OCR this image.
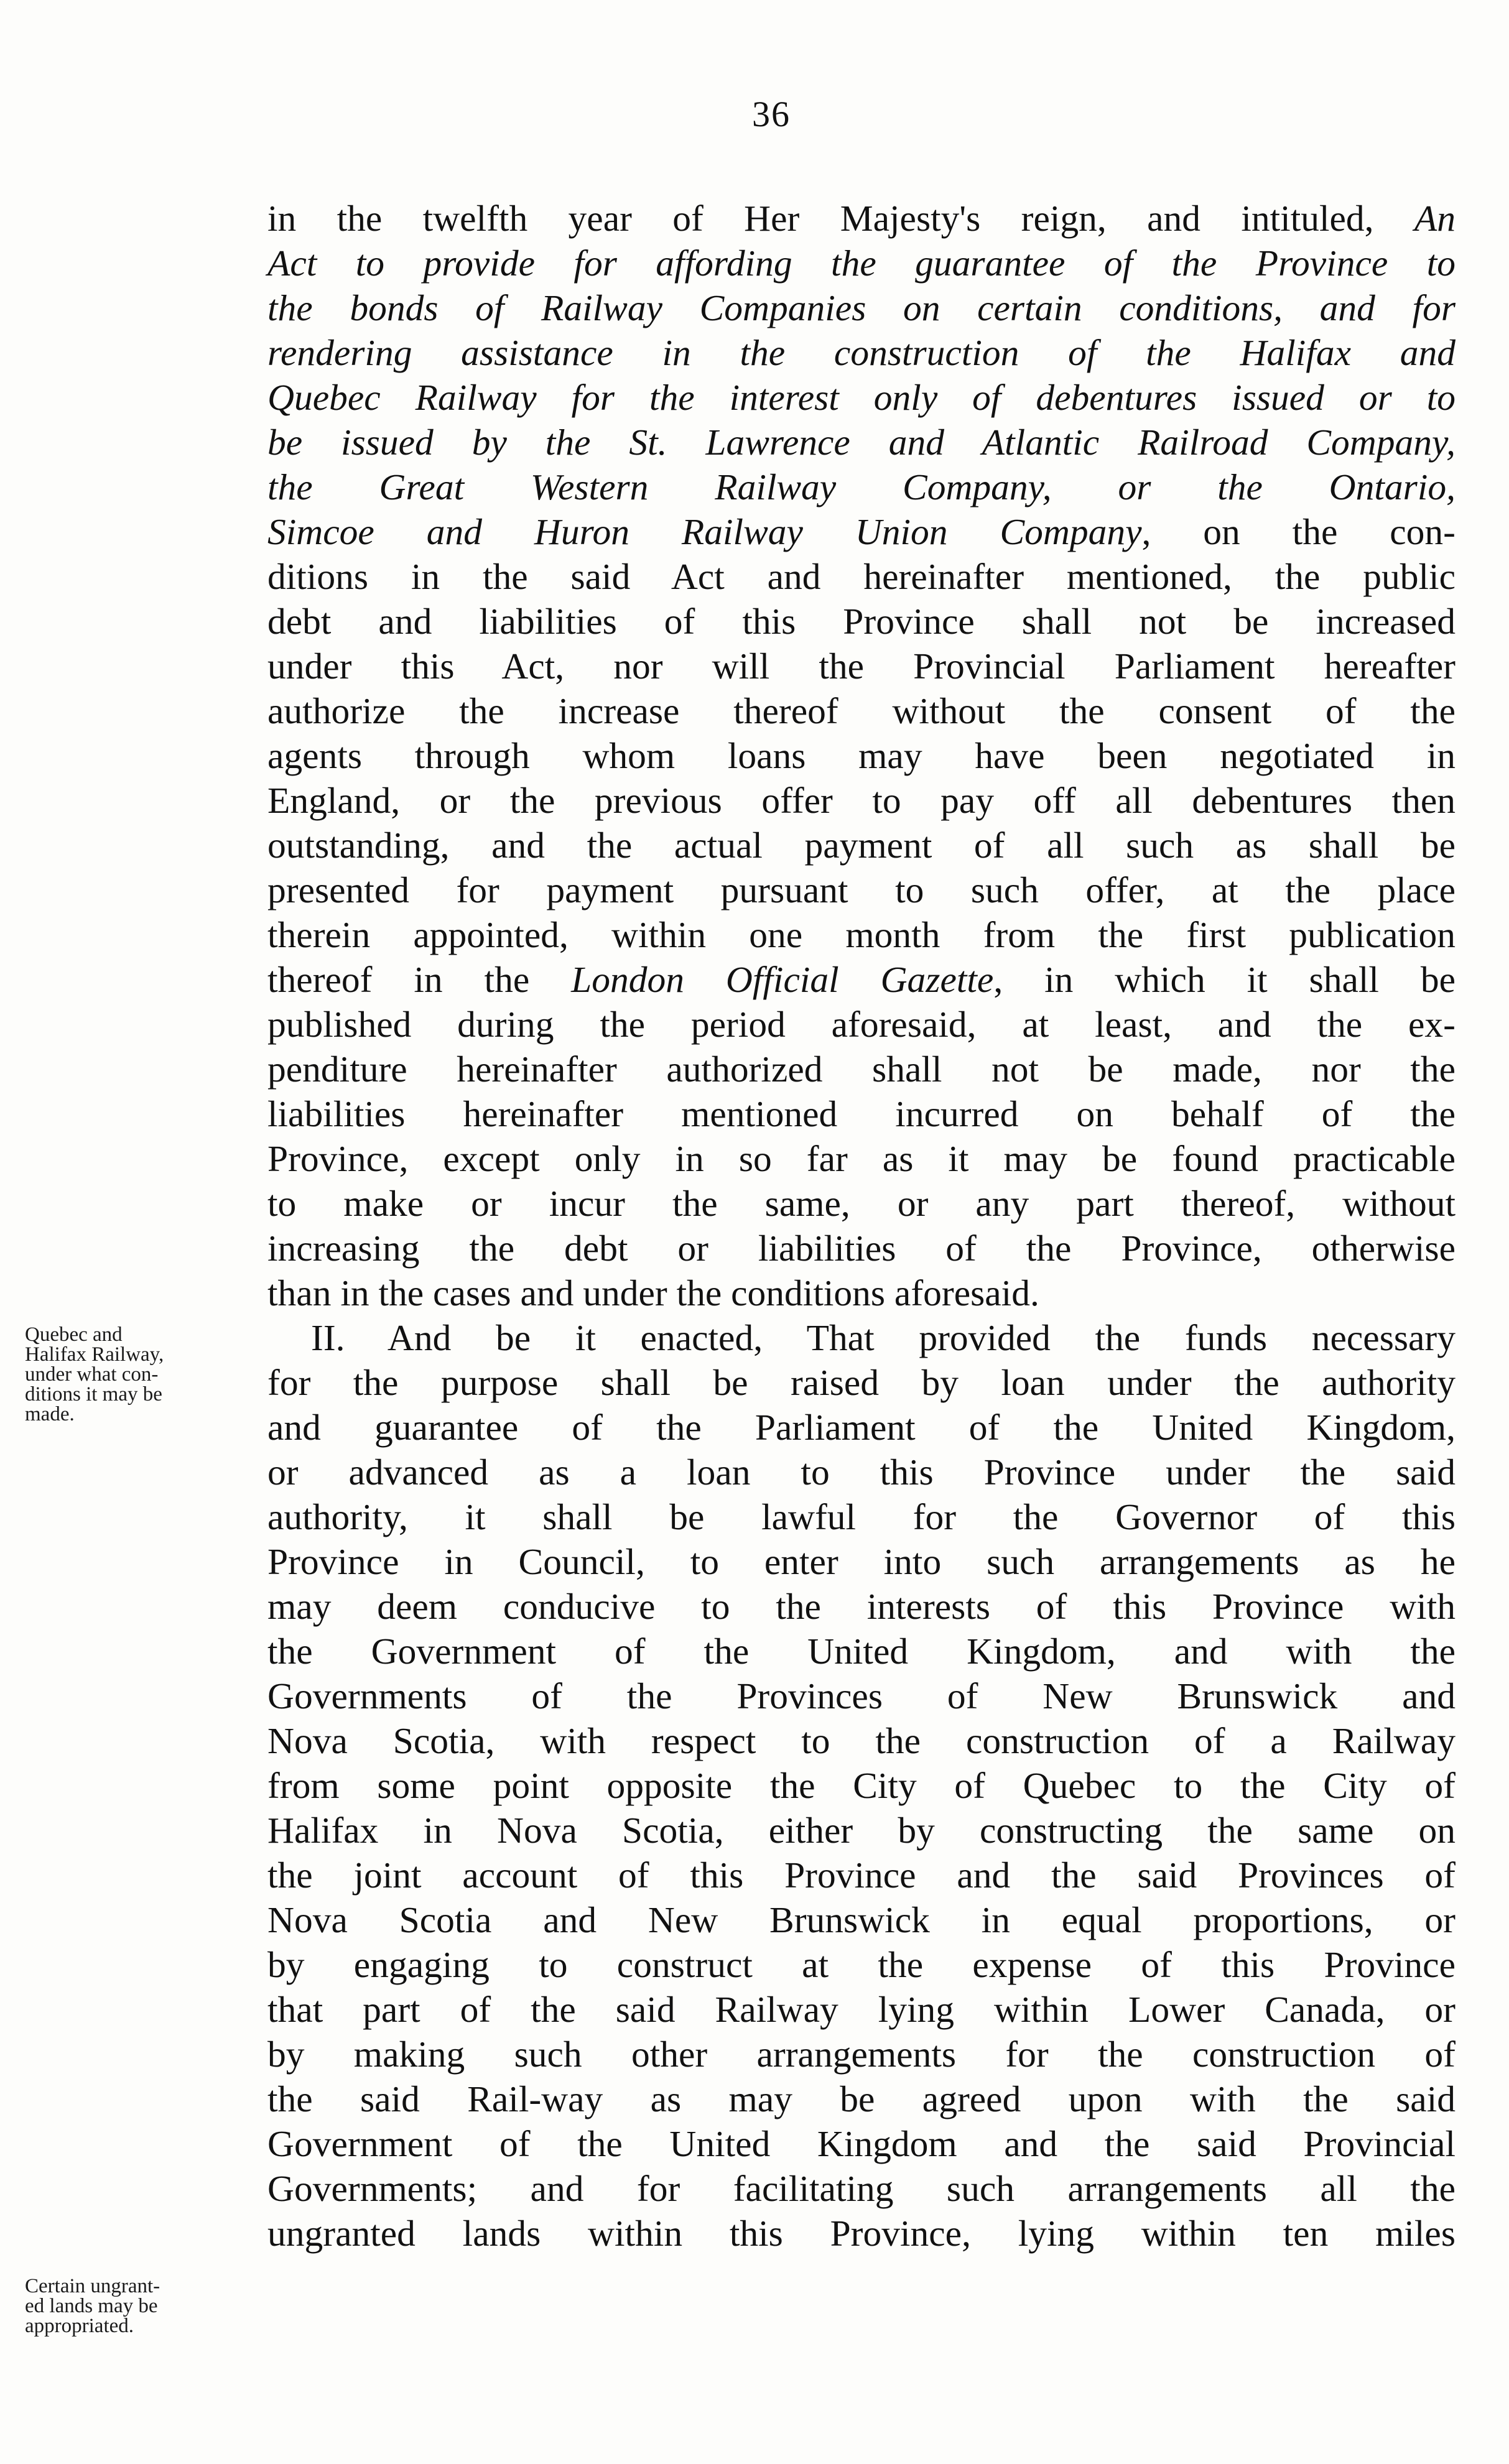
36
in the twelfth year of Her Majesty's reign, and intituled, An
Act to provide for affording the guarantee of the Province to
the bonds of Railway Companies on certain conditions, and for
rendering assistance in the construction of the Halifax and
Quebec Railway for the interest only of debentures issued or to
be issued by the St. Lawrence and Atlantic Railroad Company,
the Great Western Railway Company, or the Ontario,
Simcoe and Huron Railway Union Company, on the con-
ditions in the said Act and hereinafter mentioned, the public
debt and liabilities of this Province shall not be increased
under this Act, nor will the Provincial Parliament hereafter
authorize the increase thereof without the consent of the
agents through whom loans may have been negotiated in
England, or the previous offer to pay off all debentures then
outstanding, and the actual payment of all such as shall be
presented for payment pursuant to such offer, at the place
therein appointed, within one month from the first publication
thereof in the London Official Gazette, in which it shall be
published during the period aforesaid, at least, and the ex-
penditure hereinafter authorized shall not be made, nor the
liabilities hereinafter mentioned incurred on behalf of the
Province, except only in so far as it may be found practicable
to make or incur the same, or any part thereof, without
increasing the debt or liabilities of the Province, otherwise
than in the cases and under the conditions aforesaid.
II. And be it enacted, That provided the funds necessary
for the purpose shall be raised by loan under the authority
and guarantee of the Parliament of the United Kingdom,
or advanced as a loan to this Province under the said
authority, it shall be lawful for the Governor of this
Province in Council, to enter into such arrangements as he
may deem conducive to the interests of this Province with
the Government of the United Kingdom, and with the
Governments of the Provinces of New Brunswick and
Nova Scotia, with respect to the construction of a Railway
from some point opposite the City of Quebec to the City of
Halifax in Nova Scotia, either by constructing the same on
the joint account of this Province and the said Provinces of
Nova Scotia and New Brunswick in equal proportions, or
by engaging to construct at the expense of this Province
that part of the said Railway lying within Lower Canada, or
by making such other arrangements for the construction of
the said Rail-way as may be agreed upon with the said
Government of the United Kingdom and the said Provincial
Governments; and for facilitating such arrangements all the
ungranted lands within this Province, lying within ten miles
Quebec and
Halifax Railway,
under what con-
ditions it may be
made.
Certain ungrant-
ed lands may be
appropriated.
